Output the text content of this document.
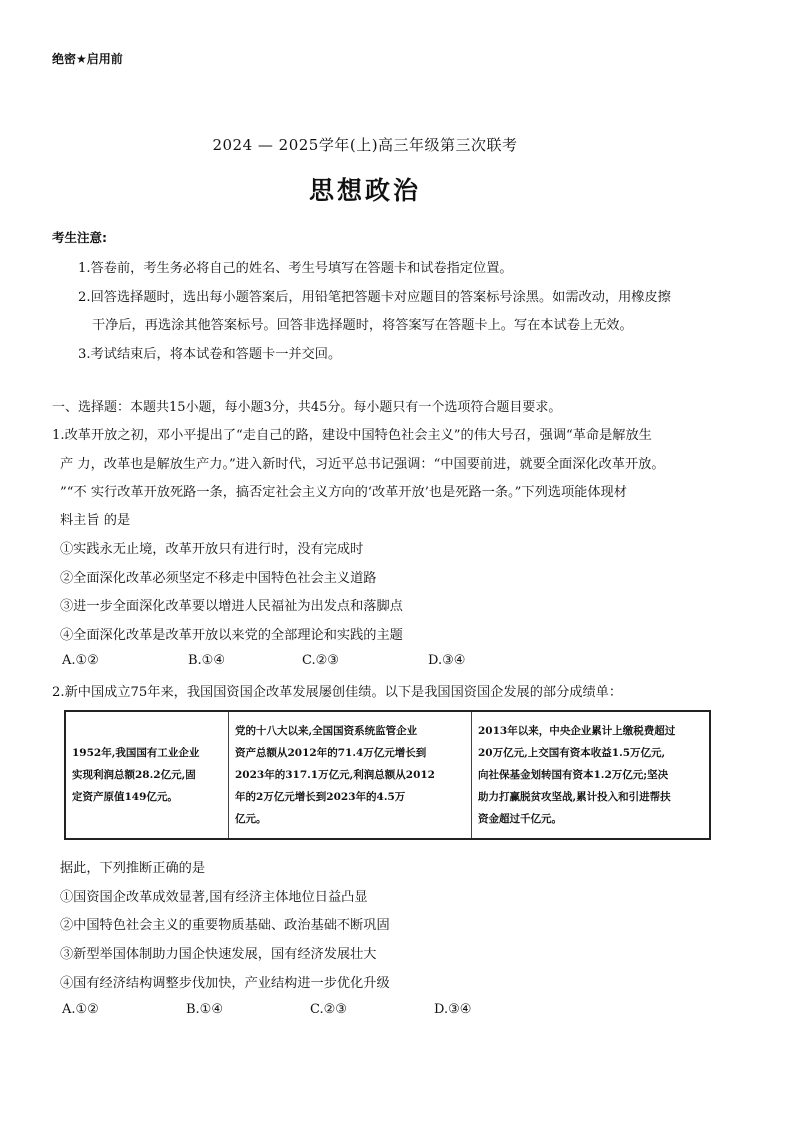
绝密★启用前
2024 — 2025学年(上)高三年级第三次联考
思想政治
考生注意:
1.答卷前，考生务必将自己的姓名、考生号填写在答题卡和试卷指定位置。
2.回答选择题时，选出每小题答案后，用铅笔把答题卡对应题目的答案标号涂黑。如需改动，用橡皮擦
干净后，再选涂其他答案标号。回答非选择题时，将答案写在答题卡上。写在本试卷上无效。
3.考试结束后，将本试卷和答题卡一并交回。
一、选择题：本题共15小题，每小题3分，共45分。每小题只有一个选项符合题目要求。
1.改革开放之初，邓小平提出了“走自己的路，建设中国特色社会主义”的伟大号召，强调“革命是解放生
产 力，改革也是解放生产力。”进入新时代，习近平总书记强调：“中国要前进，就要全面深化改革开放。
”“不 实行改革开放死路一条，搞否定社会主义方向的‘改革开放’也是死路一条。”下列选项能体现材
料主旨 的是
①实践永无止境，改革开放只有进行时，没有完成时
②全面深化改革必须坚定不移走中国特色社会主义道路
③进一步全面深化改革要以增进人民福祉为出发点和落脚点
④全面深化改革是改革开放以来党的全部理论和实践的主题
A.①②	B.①④	C.②③	D.③④
2.新中国成立75年来，我国国资国企改革发展屡创佳绩。以下是我国国资国企发展的部分成绩单：
1952年,我国国有工业企业
实现利润总额28.2亿元,固
定资产原值149亿元。

党的十八大以来,全国国资系统监管企业
资产总额从2012年的71.4万亿元增长到
2023年的317.1万亿元,利润总额从2012
年的2万亿元增长到2023年的4.5万
亿元。

2013年以来，中央企业累计上缴税费超过
20万亿元,上交国有资本收益1.5万亿元,
向社保基金划转国有资本1.2万亿元;坚决
助力打赢脱贫攻坚战,累计投入和引进帮扶
资金超过千亿元。
据此，下列推断正确的是
①国资国企改革成效显著,国有经济主体地位日益凸显
②中国特色社会主义的重要物质基础、政治基础不断巩固
③新型举国体制助力国企快速发展，国有经济发展壮大
④国有经济结构调整步伐加快，产业结构进一步优化升级
A.①②	B.①④	C.②③	D.③④
